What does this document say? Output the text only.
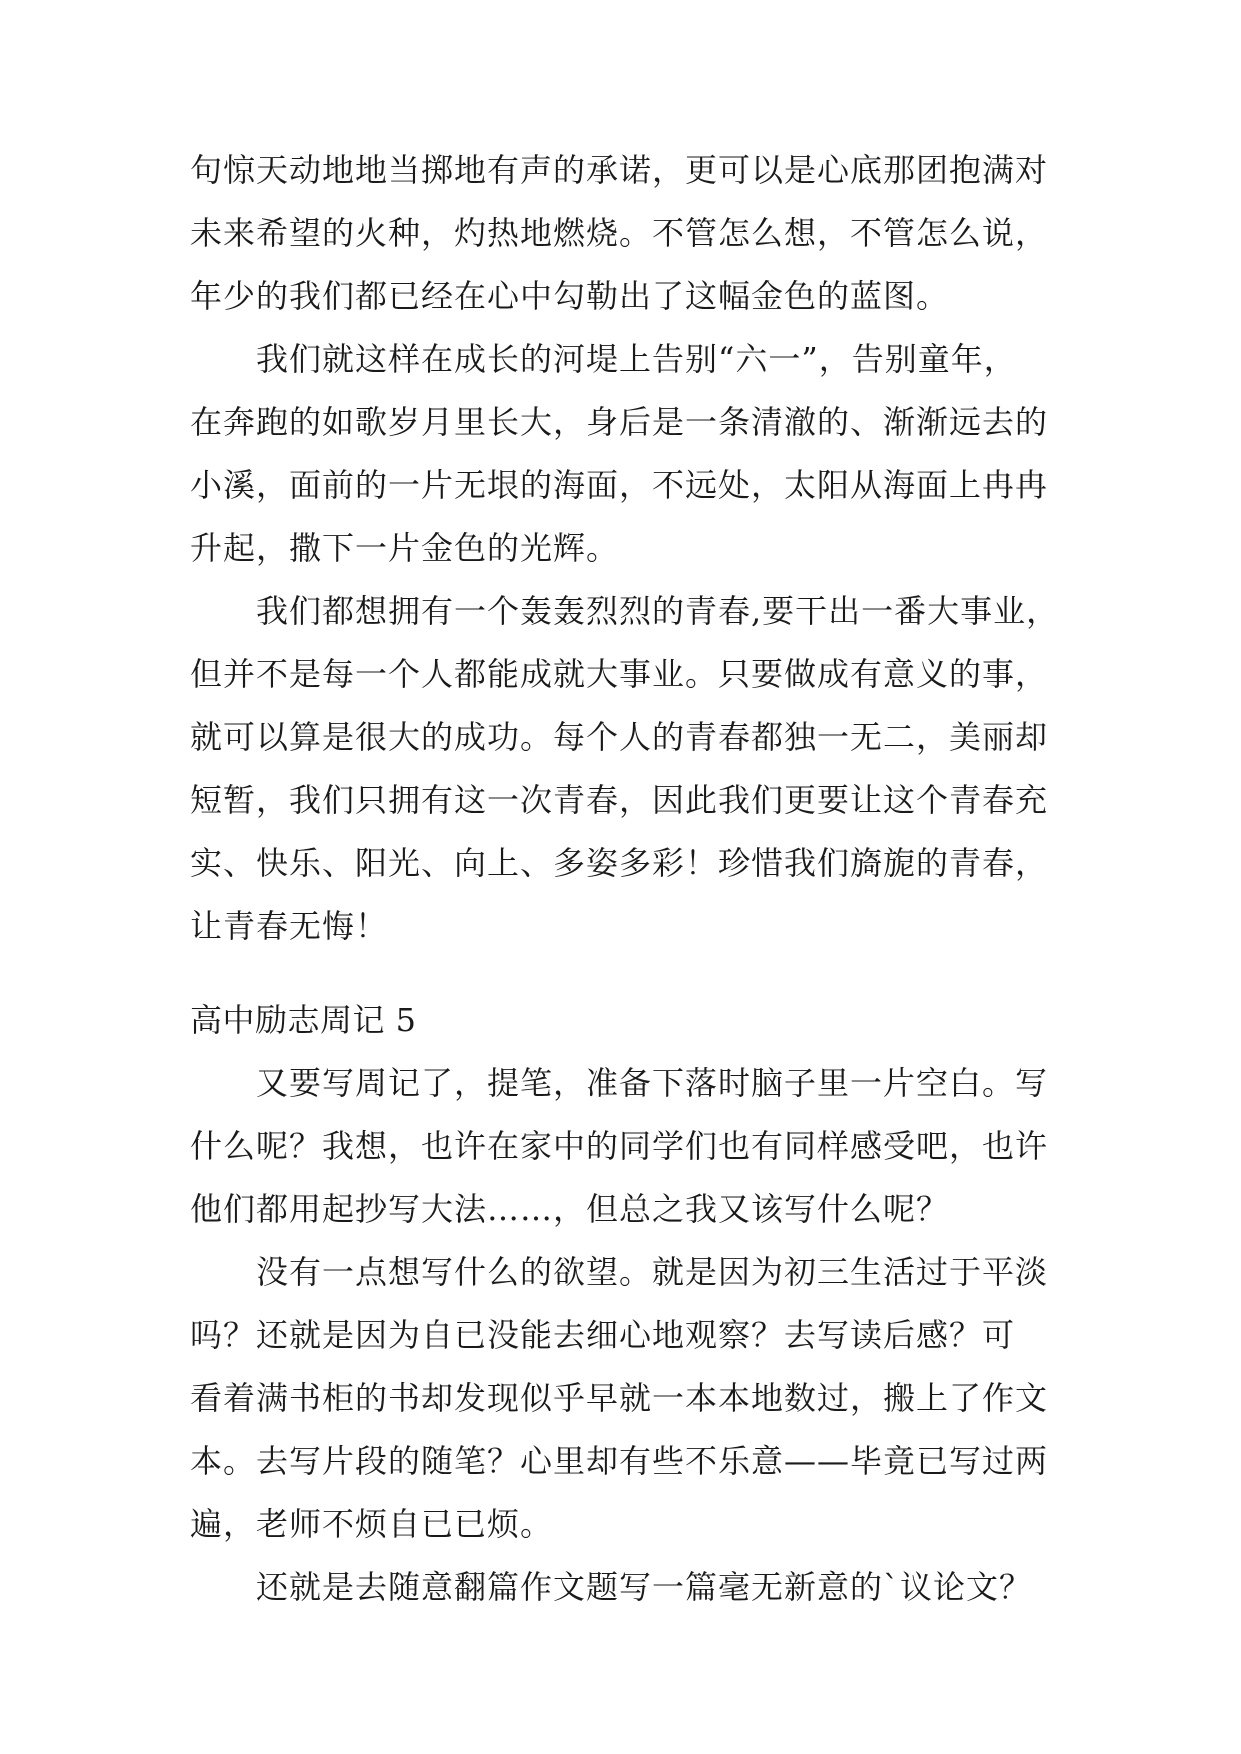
句惊天动地地当掷地有声的承诺，更可以是心底那团抱满对
未来希望的火种，灼热地燃烧。不管怎么想，不管怎么说，
年少的我们都已经在心中勾勒出了这幅金色的蓝图。
我们就这样在成长的河堤上告别“六一”，告别童年，
在奔跑的如歌岁月里长大，身后是一条清澈的、渐渐远去的
小溪，面前的一片无垠的海面，不远处，太阳从海面上冉冉
升起，撒下一片金色的光辉。
我们都想拥有一个轰轰烈烈的青春,要干出一番大事业，
但并不是每一个人都能成就大事业。只要做成有意义的事，
就可以算是很大的成功。每个人的青春都独一无二，美丽却
短暂，我们只拥有这一次青春，因此我们更要让这个青春充
实、快乐、阳光、向上、多姿多彩！珍惜我们旖旎的青春，
让青春无悔！
高中励志周记 5
又要写周记了，提笔，准备下落时脑子里一片空白。写
什么呢？我想，也许在家中的同学们也有同样感受吧，也许
他们都用起抄写大法……，但总之我又该写什么呢？
没有一点想写什么的欲望。就是因为初三生活过于平淡
吗？还就是因为自已没能去细心地观察？去写读后感？可
看着满书柜的书却发现似乎早就一本本地数过，搬上了作文
本。去写片段的随笔？心里却有些不乐意——毕竟已写过两
遍，老师不烦自已已烦。
还就是去随意翻篇作文题写一篇毫无新意的`议论文？
